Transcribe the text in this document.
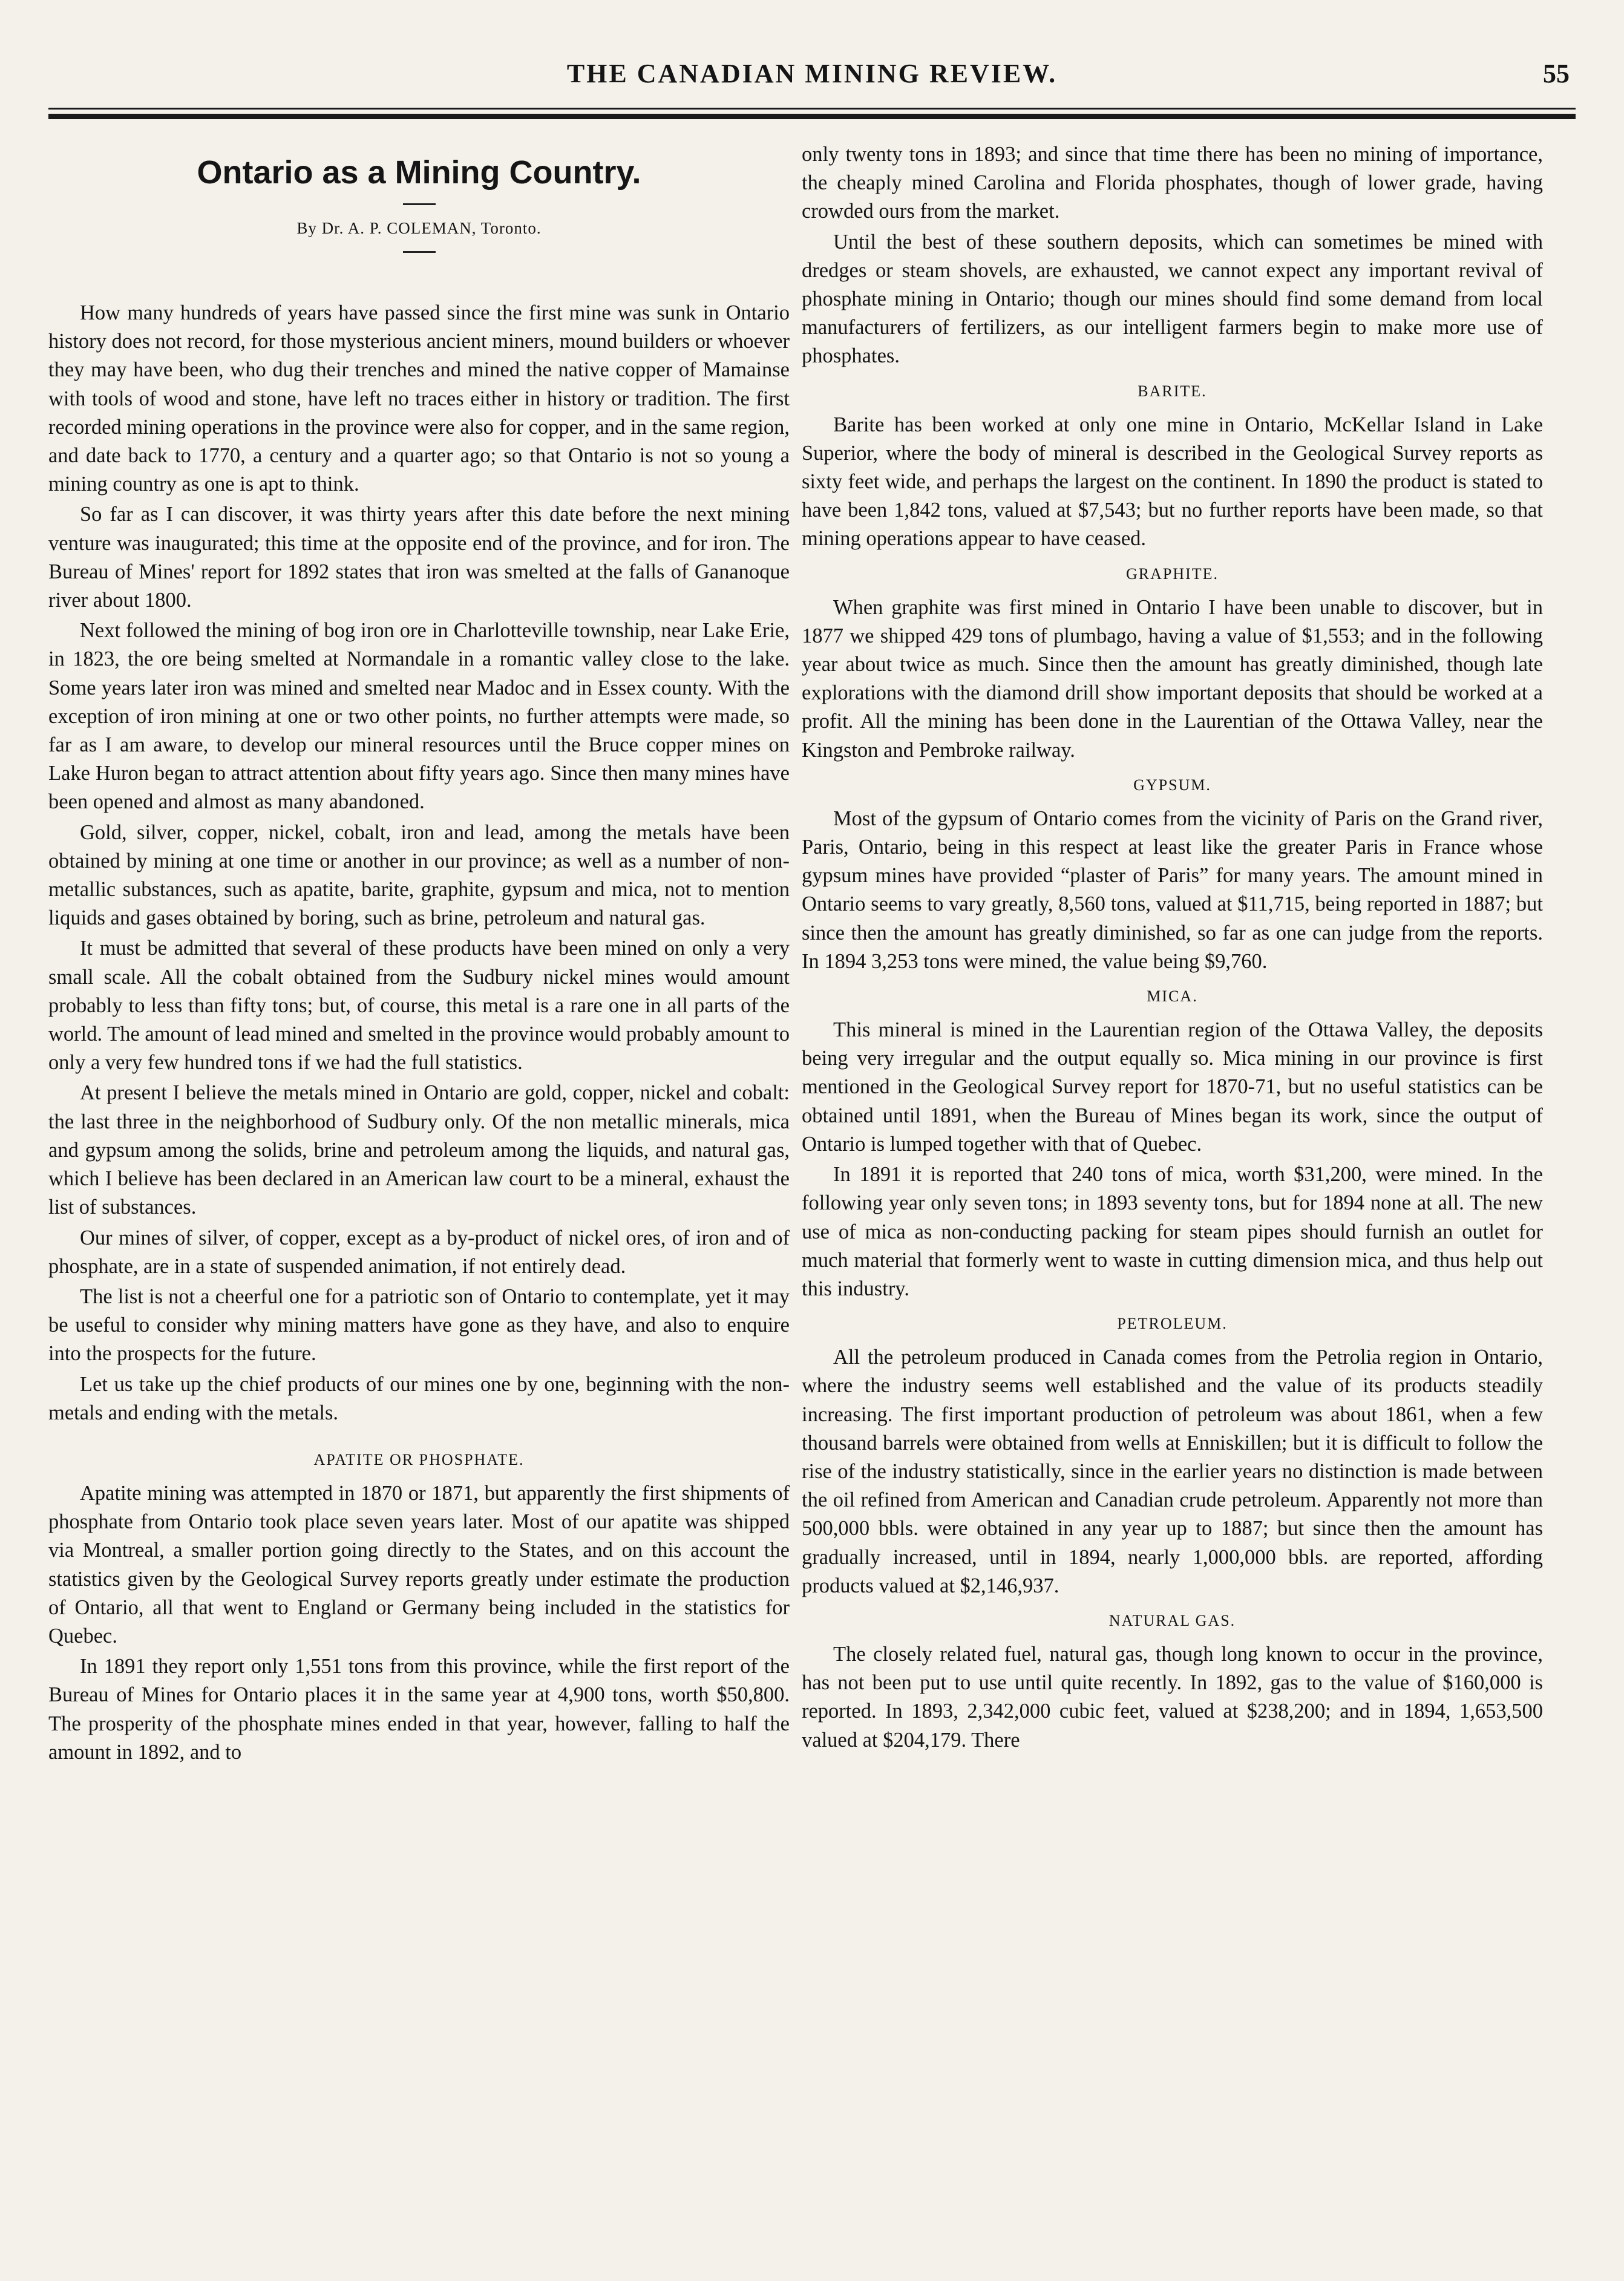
THE CANADIAN MINING REVIEW.	55
Ontario as a Mining Country.
By Dr. A. P. COLEMAN, Toronto.

How many hundreds of years have passed since the first mine was sunk in Ontario history does not record, for those mysterious ancient miners, mound builders or whoever they may have been, who dug their trenches and mined the native copper of Mamainse with tools of wood and stone, have left no traces either in history or tradition. The first recorded mining operations in the province were also for copper, and in the same region, and date back to 1770, a century and a quarter ago; so that Ontario is not so young a mining country as one is apt to think.

So far as I can discover, it was thirty years after this date before the next mining venture was inaugurated; this time at the opposite end of the province, and for iron. The Bureau of Mines' report for 1892 states that iron was smelted at the falls of Gananoque river about 1800.

Next followed the mining of bog iron ore in Charlotteville township, near Lake Erie, in 1823, the ore being smelted at Normandale in a romantic valley close to the lake. Some years later iron was mined and smelted near Madoc and in Essex county. With the exception of iron mining at one or two other points, no further attempts were made, so far as I am aware, to develop our mineral resources until the Bruce copper mines on Lake Huron began to attract attention about fifty years ago. Since then many mines have been opened and almost as many abandoned.

Gold, silver, copper, nickel, cobalt, iron and lead, among the metals have been obtained by mining at one time or another in our province; as well as a number of non-metallic substances, such as apatite, barite, graphite, gypsum and mica, not to mention liquids and gases obtained by boring, such as brine, petroleum and natural gas.

It must be admitted that several of these products have been mined on only a very small scale. All the cobalt obtained from the Sudbury nickel mines would amount probably to less than fifty tons; but, of course, this metal is a rare one in all parts of the world. The amount of lead mined and smelted in the province would probably amount to only a very few hundred tons if we had the full statistics.

At present I believe the metals mined in Ontario are gold, copper, nickel and cobalt: the last three in the neighborhood of Sudbury only. Of the non metallic minerals, mica and gypsum among the solids, brine and petroleum among the liquids, and natural gas, which I believe has been declared in an American law court to be a mineral, exhaust the list of substances.

Our mines of silver, of copper, except as a by-product of nickel ores, of iron and of phosphate, are in a state of suspended animation, if not entirely dead.

The list is not a cheerful one for a patriotic son of Ontario to contemplate, yet it may be useful to consider why mining matters have gone as they have, and also to enquire into the prospects for the future.

Let us take up the chief products of our mines one by one, beginning with the non-metals and ending with the metals.

APATITE OR PHOSPHATE.

Apatite mining was attempted in 1870 or 1871, but apparently the first shipments of phosphate from Ontario took place seven years later. Most of our apatite was shipped via Montreal, a smaller portion going directly to the States, and on this account the statistics given by the Geological Survey reports greatly under estimate the production of Ontario, all that went to England or Germany being included in the statistics for Quebec.

In 1891 they report only 1,551 tons from this province, while the first report of the Bureau of Mines for Ontario places it in the same year at 4,900 tons, worth $50,800. The prosperity of the phosphate mines ended in that year, however, falling to half the amount in 1892, and to

only twenty tons in 1893; and since that time there has been no mining of importance, the cheaply mined Carolina and Florida phosphates, though of lower grade, having crowded ours from the market.

Until the best of these southern deposits, which can sometimes be mined with dredges or steam shovels, are exhausted, we cannot expect any important revival of phosphate mining in Ontario; though our mines should find some demand from local manufacturers of fertilizers, as our intelligent farmers begin to make more use of phosphates.

BARITE.

Barite has been worked at only one mine in Ontario, McKellar Island in Lake Superior, where the body of mineral is described in the Geological Survey reports as sixty feet wide, and perhaps the largest on the continent. In 1890 the product is stated to have been 1,842 tons, valued at $7,543; but no further reports have been made, so that mining operations appear to have ceased.

GRAPHITE.

When graphite was first mined in Ontario I have been unable to discover, but in 1877 we shipped 429 tons of plumbago, having a value of $1,553; and in the following year about twice as much. Since then the amount has greatly diminished, though late explorations with the diamond drill show important deposits that should be worked at a profit. All the mining has been done in the Laurentian of the Ottawa Valley, near the Kingston and Pembroke railway.

GYPSUM.

Most of the gypsum of Ontario comes from the vicinity of Paris on the Grand river, Paris, Ontario, being in this respect at least like the greater Paris in France whose gypsum mines have provided “plaster of Paris” for many years. The amount mined in Ontario seems to vary greatly, 8,560 tons, valued at $11,715, being reported in 1887; but since then the amount has greatly diminished, so far as one can judge from the reports. In 1894 3,253 tons were mined, the value being $9,760.

MICA.

This mineral is mined in the Laurentian region of the Ottawa Valley, the deposits being very irregular and the output equally so. Mica mining in our province is first mentioned in the Geological Survey report for 1870-71, but no useful statistics can be obtained until 1891, when the Bureau of Mines began its work, since the output of Ontario is lumped together with that of Quebec.

In 1891 it is reported that 240 tons of mica, worth $31,200, were mined. In the following year only seven tons; in 1893 seventy tons, but for 1894 none at all. The new use of mica as non-conducting packing for steam pipes should furnish an outlet for much material that formerly went to waste in cutting dimension mica, and thus help out this industry.

PETROLEUM.

All the petroleum produced in Canada comes from the Petrolia region in Ontario, where the industry seems well established and the value of its products steadily increasing. The first important production of petroleum was about 1861, when a few thousand barrels were obtained from wells at Enniskillen; but it is difficult to follow the rise of the industry statistically, since in the earlier years no distinction is made between the oil refined from American and Canadian crude petroleum. Apparently not more than 500,000 bbls. were obtained in any year up to 1887; but since then the amount has gradually increased, until in 1894, nearly 1,000,000 bbls. are reported, affording products valued at $2,146,937.

NATURAL GAS.

The closely related fuel, natural gas, though long known to occur in the province, has not been put to use until quite recently. In 1892, gas to the value of $160,000 is reported. In 1893, 2,342,000 cubic feet, valued at $238,200; and in 1894, 1,653,500 valued at $204,179. There
